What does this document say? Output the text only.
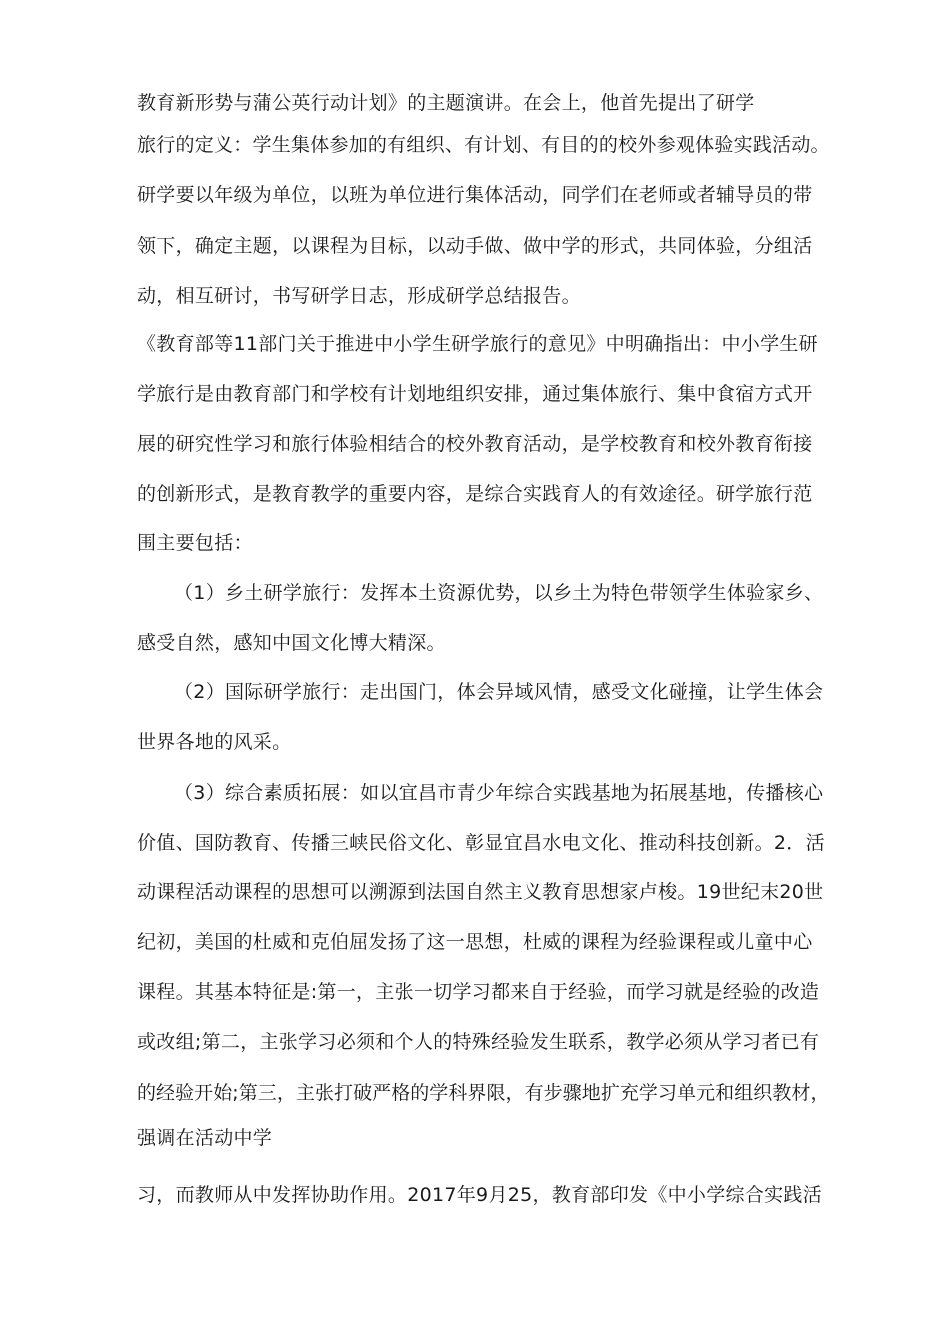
教育新形势与蒲公英行动计划》的主题演讲。在会上，他首先提出了研学
旅行的定义：学生集体参加的有组织、有计划、有目的的校外参观体验实践活动。
研学要以年级为单位，以班为单位进行集体活动，同学们在老师或者辅导员的带
领下，确定主题，以课程为目标，以动手做、做中学的形式，共同体验，分组活
动，相互研讨，书写研学日志，形成研学总结报告。
《教育部等11部门关于推进中小学生研学旅行的意见》中明确指出：中小学生研
学旅行是由教育部门和学校有计划地组织安排，通过集体旅行、集中食宿方式开
展的研究性学习和旅行体验相结合的校外教育活动，是学校教育和校外教育衔接
的创新形式，是教育教学的重要内容，是综合实践育人的有效途径。研学旅行范
围主要包括：
（1）乡土研学旅行：发挥本土资源优势，以乡土为特色带领学生体验家乡、
感受自然，感知中国文化博大精深。
（2）国际研学旅行：走出国门，体会异域风情，感受文化碰撞，让学生体会
世界各地的风采。
（3）综合素质拓展：如以宜昌市青少年综合实践基地为拓展基地，传播核心
价值、国防教育、传播三峡民俗文化、彰显宜昌水电文化、推动科技创新。2．活
动课程活动课程的思想可以溯源到法国自然主义教育思想家卢梭。19世纪末20世
纪初，美国的杜威和克伯屈发扬了这一思想，杜威的课程为经验课程或儿童中心
课程。其基本特征是:第一，主张一切学习都来自于经验，而学习就是经验的改造
或改组;第二，主张学习必须和个人的特殊经验发生联系，教学必须从学习者已有
的经验开始;第三，主张打破严格的学科界限，有步骤地扩充学习单元和组织教材，
强调在活动中学
习，而教师从中发挥协助作用。2017年9月25，教育部印发《中小学综合实践活
